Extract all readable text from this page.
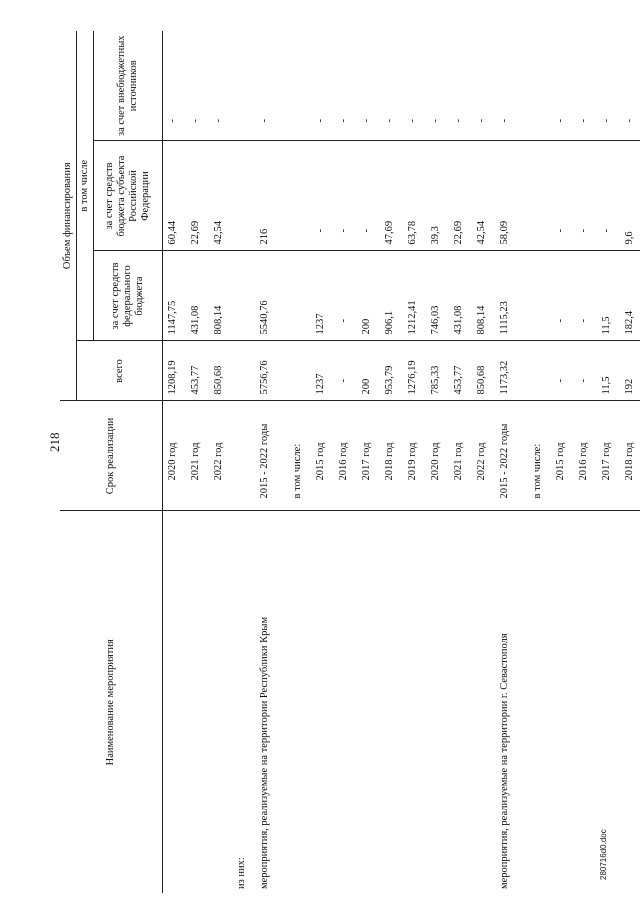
218
Наименование мероприятия	Срок реализации	Объем финансирования			
		всего	в том числе		
			за счет средств федерального бюджета	за счет средств бюджета субъекта Российской Федерации	за счет внебюджетных источников
	2020 год	1208,19	1147,75	60,44	-
	2021 год	453,77	431,08	22,69	-
	2022 год	850,68	808,14	42,54	-
из них:					
мероприятия, реализуемые на территории Республики Крым	2015 - 2022 годы	5756,76	5540,76	216	-
	в том числе:				
	2015 год	1237	1237	-	-
	2016 год	-	-	-	-
	2017 год	200	200	-	-
	2018 год	953,79	906,1	47,69	-
	2019 год	1276,19	1212,41	63,78	-
	2020 год	785,33	746,03	39,3	-
	2021 год	453,77	431,08	22,69	-
	2022 год	850,68	808,14	42,54	-
мероприятия, реализуемые на территории г. Севастополя	2015 - 2022 годы	1173,32	1115,23	58,09	-
	в том числе:				
	2015 год	-	-	-	-
	2016 год	-	-	-	-
	2017 год	11,5	11,5	-	-
	2018 год	192	182,4	9,6	-
280716d0.doc
